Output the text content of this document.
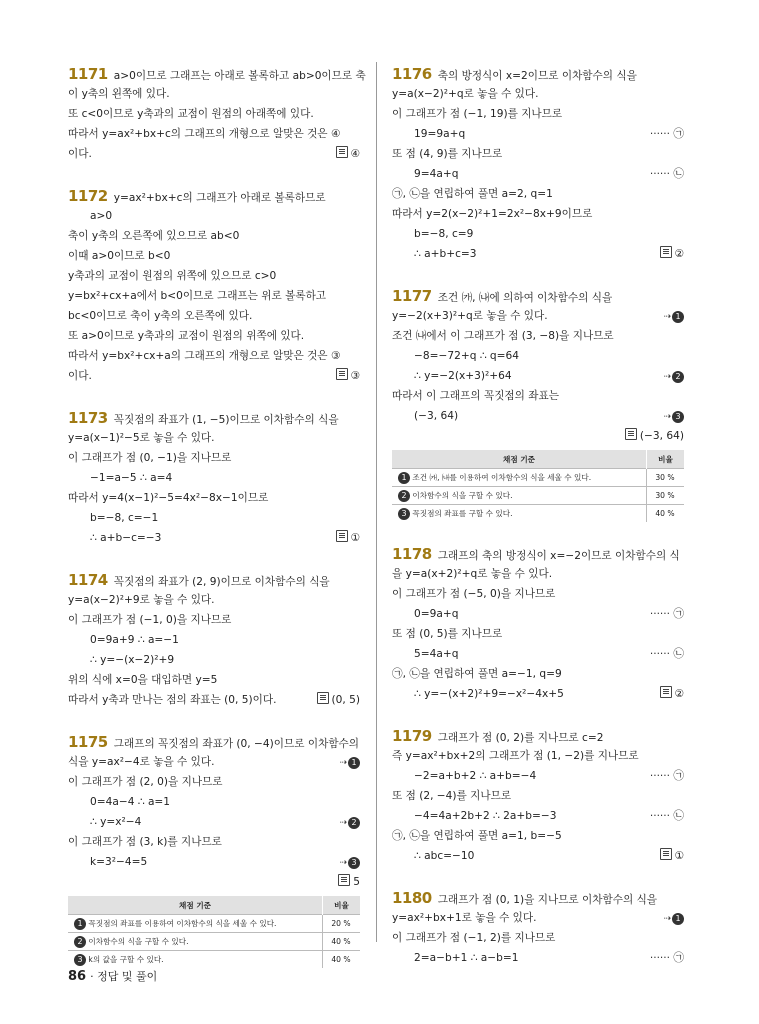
1171 a>0이므로 그래프는 아래로 볼록하고 ab>0이므로 축
이 y축의 왼쪽에 있다.
또 c<0이므로 y축과의 교점이 원점의 아래쪽에 있다.
따라서 y=ax²+bx+c의 그래프의 개형으로 알맞은 것은 ④
이다.	④
1172 y=ax²+bx+c의 그래프가 아래로 볼록하므로
a>0
축이 y축의 오른쪽에 있으므로 ab<0
이때 a>0이므로 b<0
y축과의 교점이 원점의 위쪽에 있으므로 c>0
y=bx²+cx+a에서 b<0이므로 그래프는 위로 볼록하고
bc<0이므로 축이 y축의 오른쪽에 있다.
또 a>0이므로 y축과의 교점이 원점의 위쪽에 있다.
따라서 y=bx²+cx+a의 그래프의 개형으로 알맞은 것은 ③
이다.	③
1173 꼭짓점의 좌표가 (1, −5)이므로 이차함수의 식을
y=a(x−1)²−5로 놓을 수 있다.
이 그래프가 점 (0, −1)을 지나므로
−1=a−5 ∴ a=4
따라서 y=4(x−1)²−5=4x²−8x−1이므로
b=−8, c=−1
∴ a+b−c=−3	①
1174 꼭짓점의 좌표가 (2, 9)이므로 이차함수의 식을
y=a(x−2)²+9로 놓을 수 있다.
이 그래프가 점 (−1, 0)을 지나므로
0=9a+9 ∴ a=−1
∴ y=−(x−2)²+9
위의 식에 x=0을 대입하면 y=5
따라서 y축과 만나는 점의 좌표는 (0, 5)이다.	(0, 5)
1175 그래프의 꼭짓점의 좌표가 (0, −4)이므로 이차함수의
식을 y=ax²−4로 놓을 수 있다.	⇢ 1
이 그래프가 점 (2, 0)을 지나므로
0=4a−4 ∴ a=1
∴ y=x²−4	⇢ 2
이 그래프가 점 (3, k)를 지나므로
k=3²−4=5	⇢ 3
5
채점 기준	비율
1 꼭짓점의 좌표를 이용하여 이차함수의 식을 세울 수 있다.	20 %
2 이차함수의 식을 구할 수 있다.	40 %
3 k의 값을 구할 수 있다.	40 %
1176 축의 방정식이 x=2이므로 이차함수의 식을
y=a(x−2)²+q로 놓을 수 있다.
이 그래프가 점 (−1, 19)를 지나므로
19=9a+q	······ ㉠
또 점 (4, 9)를 지나므로
9=4a+q	······ ㉡
㉠, ㉡을 연립하여 풀면 a=2, q=1
따라서 y=2(x−2)²+1=2x²−8x+9이므로
b=−8, c=9
∴ a+b+c=3	②
1177 조건 ㈎, ㈏에 의하여 이차함수의 식을
y=−2(x+3)²+q로 놓을 수 있다.	⇢ 1
조건 ㈏에서 이 그래프가 점 (3, −8)을 지나므로
−8=−72+q ∴ q=64
∴ y=−2(x+3)²+64	⇢ 2
따라서 이 그래프의 꼭짓점의 좌표는
(−3, 64)	⇢ 3
(−3, 64)
채점 기준	비율
1 조건 ㈎, ㈏를 이용하여 이차함수의 식을 세울 수 있다.	30 %
2 이차함수의 식을 구할 수 있다.	30 %
3 꼭짓점의 좌표를 구할 수 있다.	40 %
1178 그래프의 축의 방정식이 x=−2이므로 이차함수의 식
을 y=a(x+2)²+q로 놓을 수 있다.
이 그래프가 점 (−5, 0)을 지나므로
0=9a+q	······ ㉠
또 점 (0, 5)를 지나므로
5=4a+q	······ ㉡
㉠, ㉡을 연립하여 풀면 a=−1, q=9
∴ y=−(x+2)²+9=−x²−4x+5	②
1179 그래프가 점 (0, 2)를 지나므로 c=2
즉 y=ax²+bx+2의 그래프가 점 (1, −2)를 지나므로
−2=a+b+2 ∴ a+b=−4	······ ㉠
또 점 (2, −4)를 지나므로
−4=4a+2b+2 ∴ 2a+b=−3	······ ㉡
㉠, ㉡을 연립하여 풀면 a=1, b=−5
∴ abc=−10	①
1180 그래프가 점 (0, 1)을 지나므로 이차함수의 식을
y=ax²+bx+1로 놓을 수 있다.	⇢ 1
이 그래프가 점 (−1, 2)를 지나므로
2=a−b+1 ∴ a−b=1	······ ㉠
86 · 정답 및 풀이
